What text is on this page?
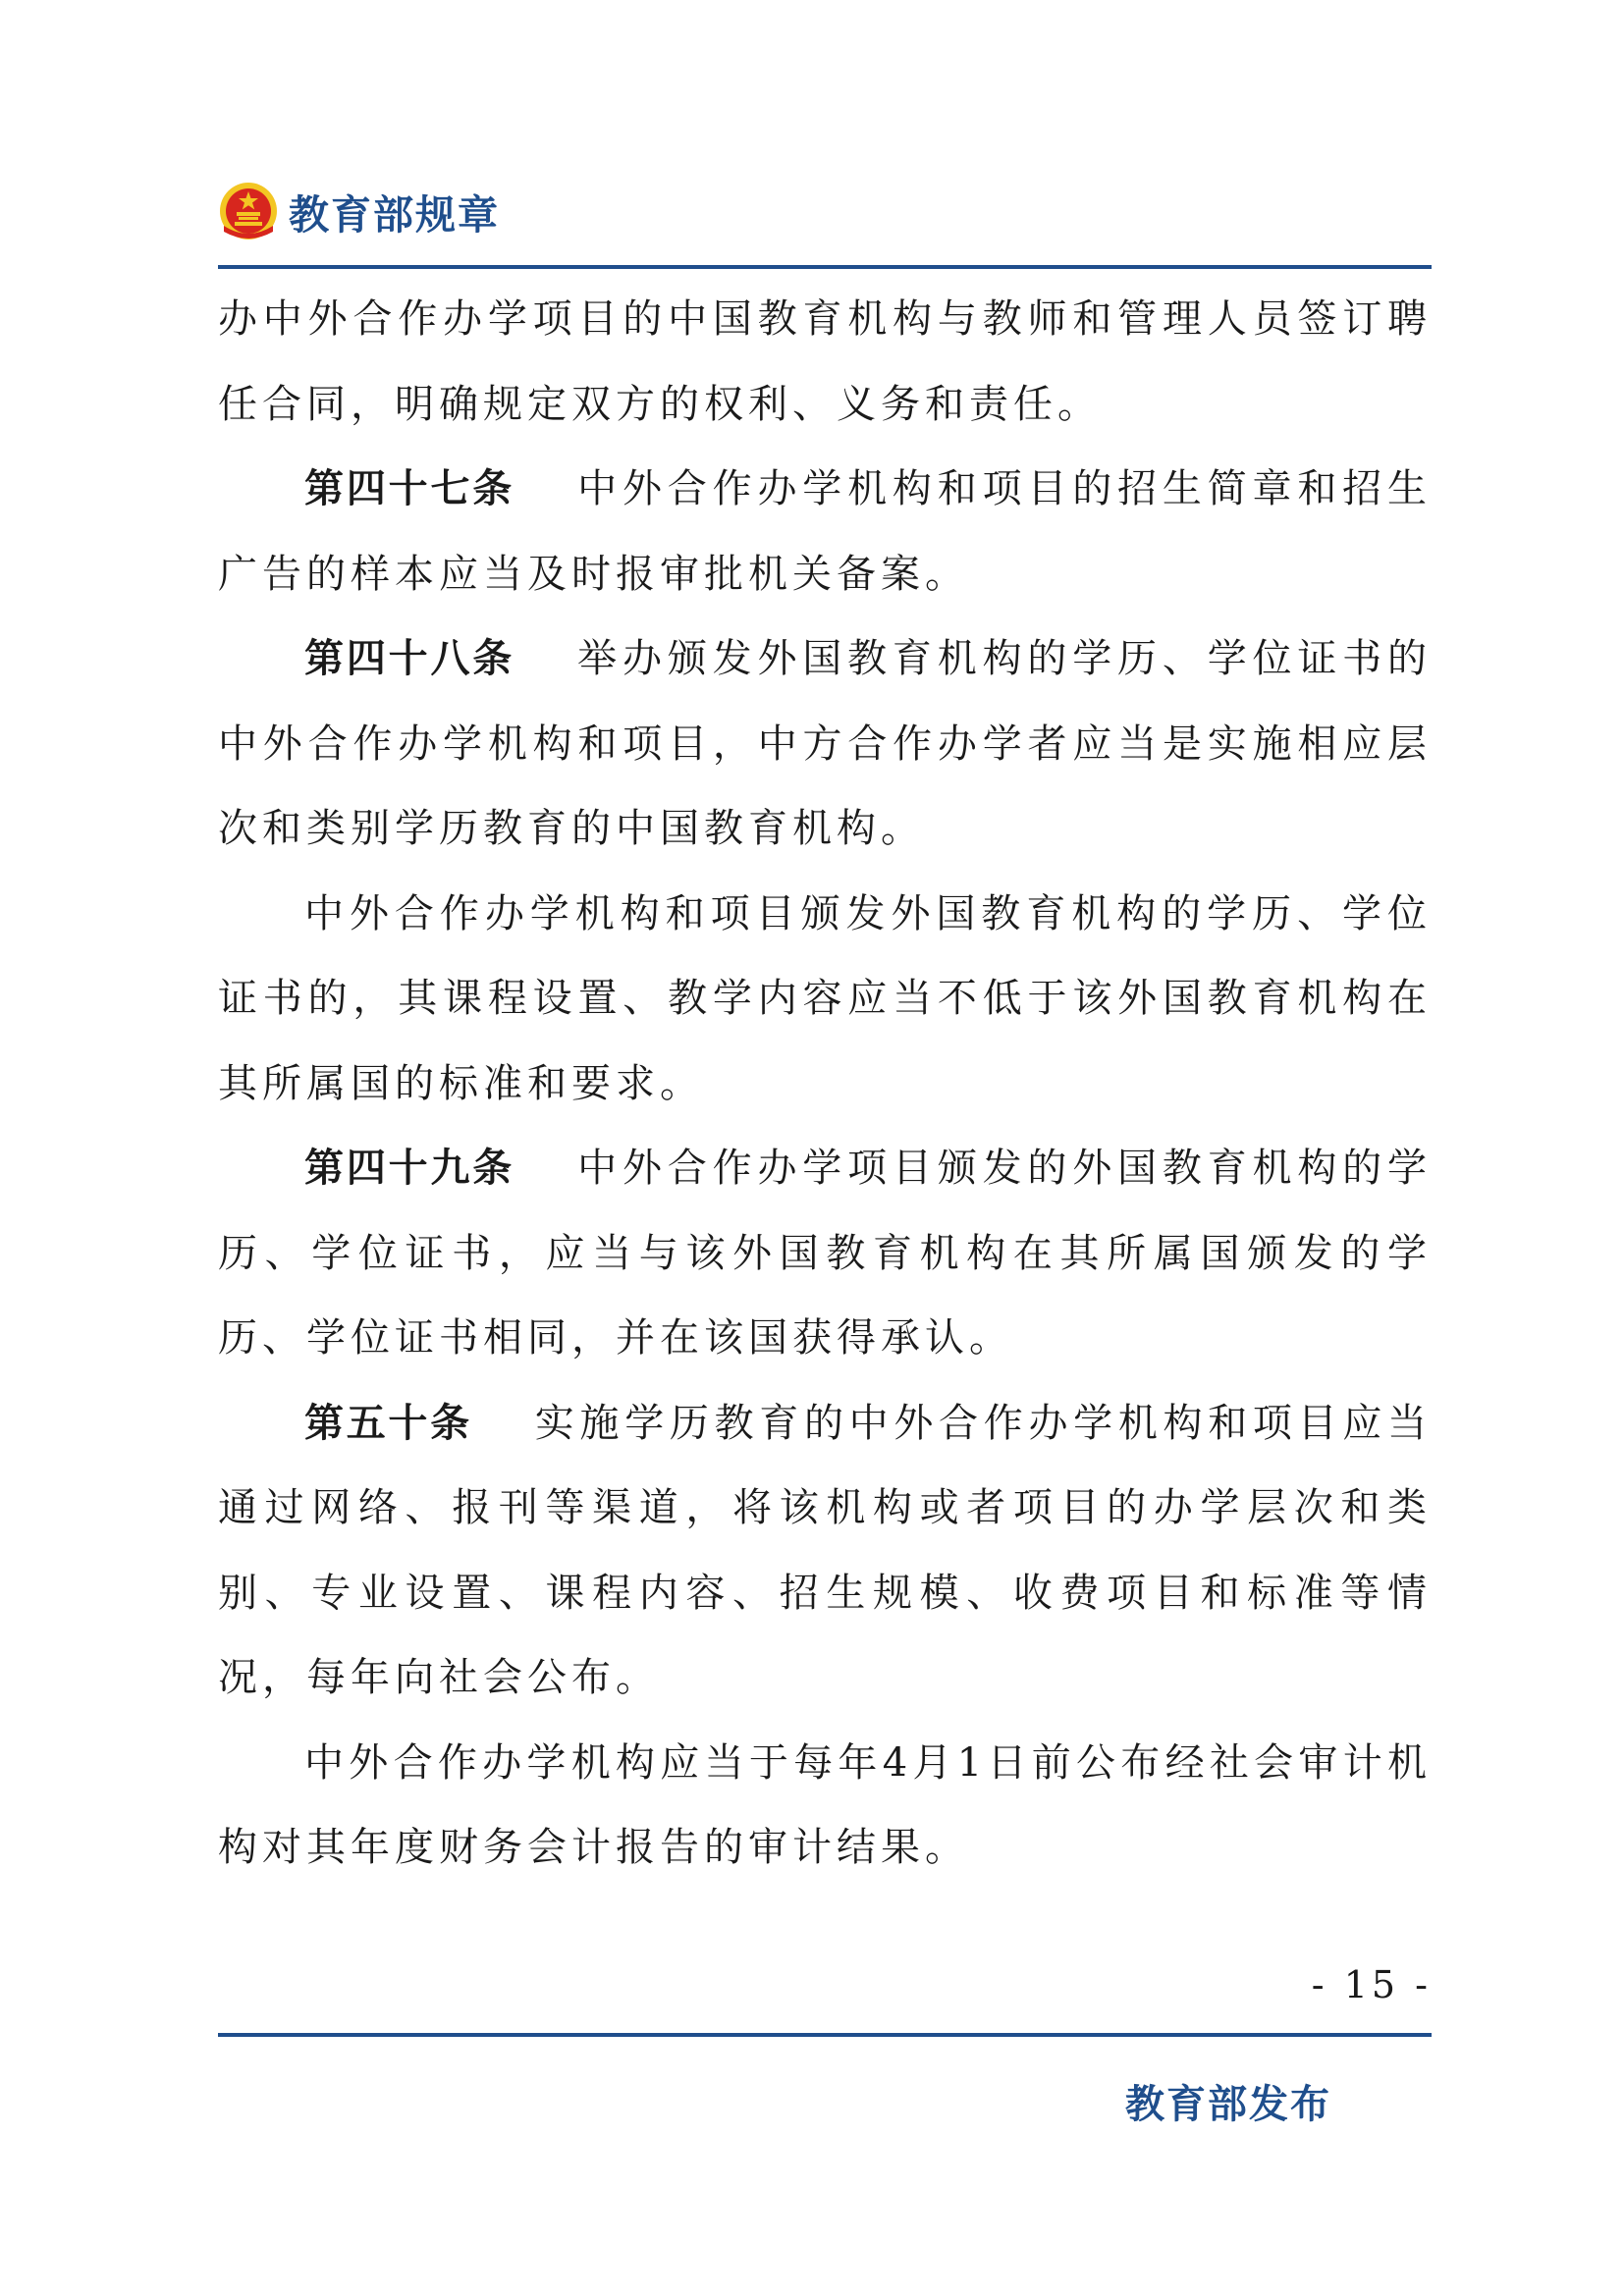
教育部规章

办中外合作办学项目的中国教育机构与教师和管理人员签订聘任合同，明确规定双方的权利、义务和责任。

第四十七条 中外合作办学机构和项目的招生简章和招生广告的样本应当及时报审批机关备案。

第四十八条 举办颁发外国教育机构的学历、学位证书的中外合作办学机构和项目，中方合作办学者应当是实施相应层次和类别学历教育的中国教育机构。

中外合作办学机构和项目颁发外国教育机构的学历、学位证书的，其课程设置、教学内容应当不低于该外国教育机构在其所属国的标准和要求。

第四十九条 中外合作办学项目颁发的外国教育机构的学历、学位证书，应当与该外国教育机构在其所属国颁发的学历、学位证书相同，并在该国获得承认。

第五十条 实施学历教育的中外合作办学机构和项目应当通过网络、报刊等渠道，将该机构或者项目的办学层次和类别、专业设置、课程内容、招生规模、收费项目和标准等情况，每年向社会公布。

中外合作办学机构应当于每年4月1日前公布经社会审计机构对其年度财务会计报告的审计结果。

- 15 -
教育部发布
